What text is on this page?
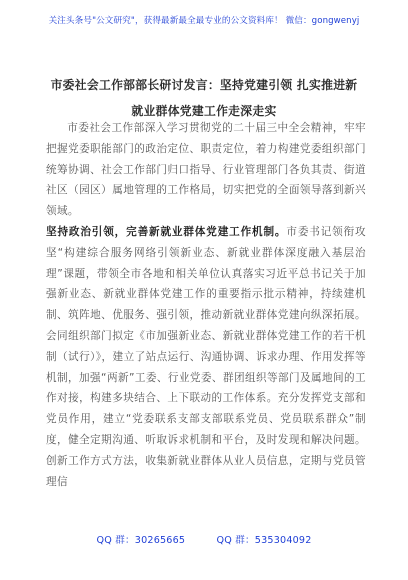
关注头条号"公文研究"，获得最新最全最专业的公文资料库！ 微信：gongwenyj
市委社会工作部部长研讨发言：坚持党建引领 扎实推进新
就业群体党建工作走深走实
市委社会工作部深入学习贯彻党的二十届三中全会精神，牢牢把握党委职能部门的政治定位、职责定位，着力构建党委组织部门统筹协调、社会工作部门归口指导、行业管理部门各负其责、街道社区（园区）属地管理的工作格局，切实把党的全面领导落到新兴领域。
坚持政治引领，完善新就业群体党建工作机制。市委书记领衔攻坚“构建综合服务网络引领新业态、新就业群体深度融入基层治理”课题，带领全市各地和相关单位认真落实习近平总书记关于加强新业态、新就业群体党建工作的重要指示批示精神，持续建机制、筑阵地、优服务、强引领，推动新就业群体党建向纵深拓展。会同组织部门拟定《市加强新业态、新就业群体党建工作的若干机制（试行）》，建立了站点运行、沟通协调、诉求办理、作用发挥等机制，加强“两新”工委、行业党委、群团组织等部门及属地间的工作对接，构建多块结合、上下联动的工作体系。充分发挥党支部和党员作用，建立“党委联系支部支部联系党员、党员联系群众”制度，健全定期沟通、听取诉求机制和平台，及时发现和解决问题。创新工作方式方法，收集新就业群体从业人员信息，定期与党员管理信
QQ 群：30265665	QQ 群：535304092
